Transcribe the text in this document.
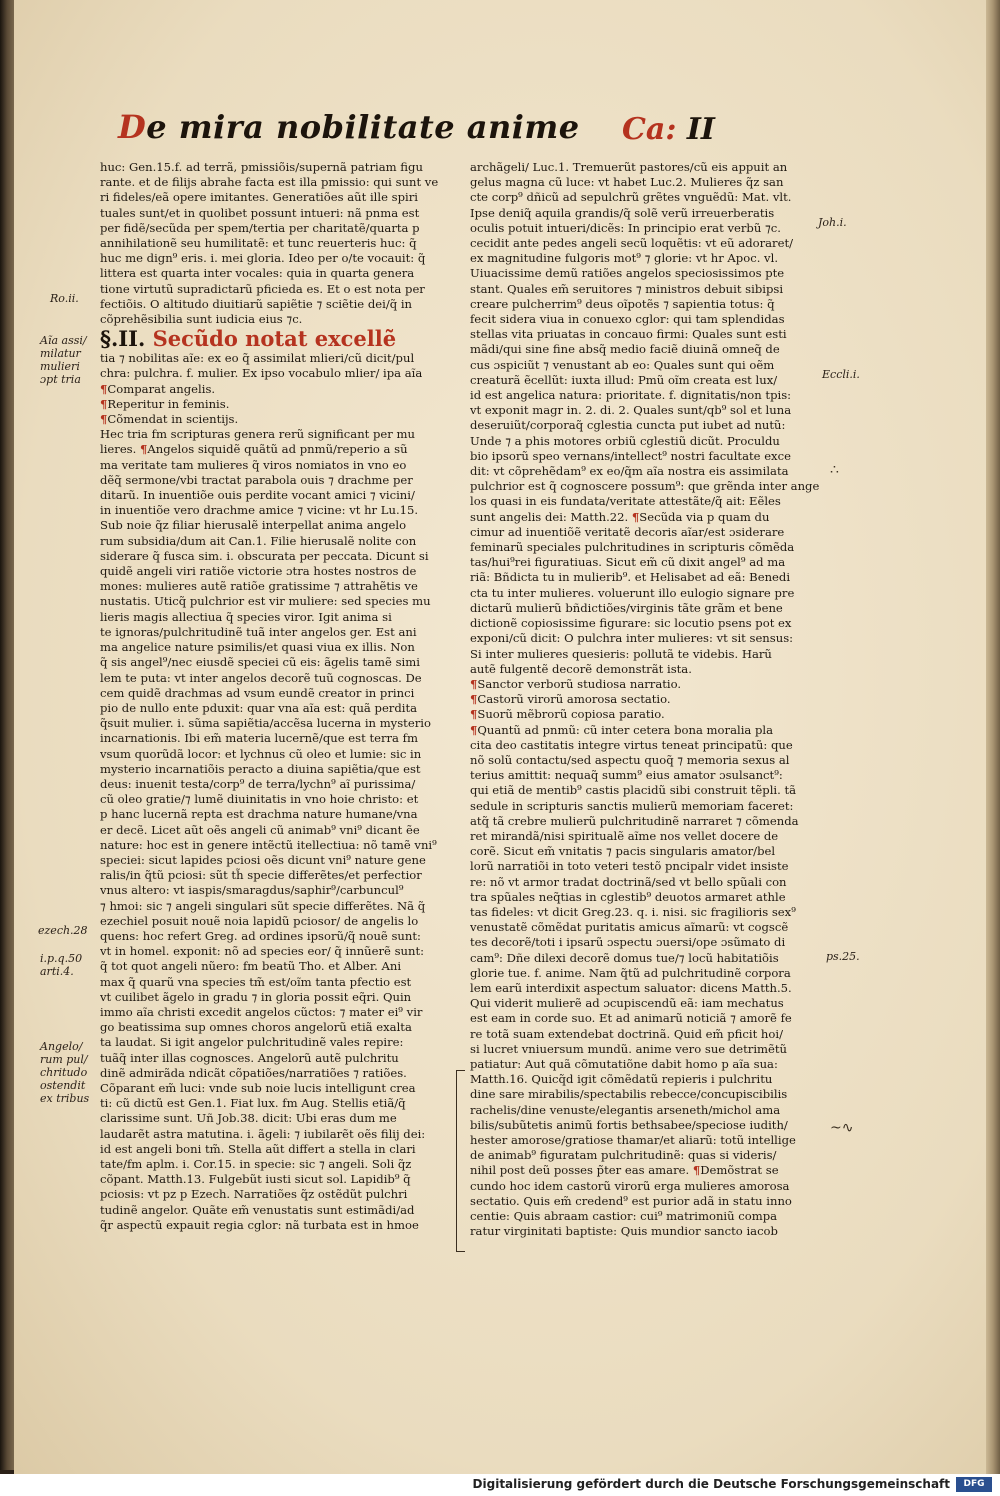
De mira nobilitate anime Ca: II
huc: Gen.15.f. ad terrã, pmissiõis/supernã patriam figu
rante. et de filijs abrahe facta est illa pmissio: qui sunt ve
ri fideles/eã opere imitantes. Generatiões aũt ille spiri
tuales sunt/et in quolibet possunt intueri: nã pnma est
per fidẽ/secũda per spem/tertia per charitatẽ/quarta p
annihilationẽ seu humilitatẽ: et tunc reuerteris huc: q̃
huc me dign⁹ eris. i. mei gloria. Ideo per o/te vocauit: q̃
littera est quarta inter vocales: quia in quarta genera
tione virtutũ supradictarũ pficieda es. Et o est nota per
fectiõis. O altitudo diuitiarũ sapiẽtie ⁊ sciẽtie dei/q̃ in
cõprehẽsibilia sunt iudicia eius ⁊c.
§.II. Secũdo notat excellẽ
tia ⁊ nobilitas aĩe: ex eo q̃ assimilat mlieri/cũ dicit/pul
chra: pulchra. f. mulier. Ex ipso vocabulo mlier/ ipa aĩa
¶Comparat angelis.
¶Reperitur in feminis.
¶Cõmendat in scientijs.
Hec tria fm scripturas genera rerũ significant per mu
lieres. ¶Angelos siquidẽ quãtũ ad pnmũ/reperio a sũ
ma veritate tam mulieres q̃ viros nomiatos in vno eo
dẽq̃ sermone/vbi tractat parabola ouis ⁊ drachme per
ditarũ. In inuentiõe ouis perdite vocant amici ⁊ vicini/
in inuentiõe vero drachme amice ⁊ vicine: vt hr Lu.15.
Sub noie q̃z filiar hierusalẽ interpellat anima angelo
rum subsidia/dum ait Can.1. Filie hierusalẽ nolite con
siderare q̃ fusca sim. i. obscurata per peccata. Dicunt si
quidẽ angeli viri ratiõe victorie ɔtra hostes nostros de
mones: mulieres autẽ ratiõe gratissime ⁊ attrahẽtis ve
nustatis. Uticq̃ pulchrior est vir muliere: sed species mu
lieris magis allectiua q̃ species viror. Igit anima si
te ignoras/pulchritudinẽ tuã inter angelos ger. Est ani
ma angelice nature psimilis/et quasi viua ex illis. Non
q̃ sis angel⁹/nec eiusdẽ speciei cũ eis: ãgelis tamẽ simi
lem te puta: vt inter angelos decorẽ tuũ cognoscas. De
cem quidẽ drachmas ad vsum eundẽ creator in princi
pio de nullo ente pduxit: quar vna aĩa est: quã perdita
q̃suit mulier. i. sũma sapiẽtia/accẽsa lucerna in mysterio
incarnationis. Ibi em̃ materia lucernẽ/que est terra fm
vsum quorũdã locor: et lychnus cũ oleo et lumie: sic in
mysterio incarnatiõis peracto a diuina sapiẽtia/que est
deus: inuenit testa/corp⁹ de terra/lychn⁹ aĩ purissima/
cũ oleo gratie/⁊ lumẽ diuinitatis in vno hoie christo: et
p hanc lucernã repta est drachma nature humane/vna
er decẽ. Licet aũt oẽs angeli cũ animab⁹ vni⁹ dicant ẽe
nature: hoc est in genere intẽctũ itellectiua: nõ tamẽ vni⁹
speciei: sicut lapides pciosi oẽs dicunt vni⁹ nature gene
ralis/in q̃tũ pciosi: sũt th̃ specie differẽtes/et perfectior
vnus altero: vt iaspis/smaragdus/saphir⁹/carbuncul⁹
⁊ hmoi: sic ⁊ angeli singulari sũt specie differẽtes. Nã q̃
ezechiel posuit nouẽ noia lapidũ pciosor/ de angelis lo
quens: hoc refert Greg. ad ordines ipsorũ/q̃ nouẽ sunt:
vt in homel. exponit: nõ ad species eor/ q̃ innũerẽ sunt:
q̃ tot quot angeli nũero: fm beatũ Tho. et Alber. Ani
max q̃ quarũ vna species tm̃ est/oĩm tanta pfectio est
vt cuilibet ãgelo in gradu ⁊ in gloria possit eq̃ri. Quin
immo aĩa christi excedit angelos cũctos: ⁊ mater ei⁹ vir
go beatissima sup omnes choros angelorũ etiã exalta
ta laudat. Si igit angelor pulchritudinẽ vales repire:
tuãq̃ inter illas cognosces. Angelorũ autẽ pulchritu
dinẽ admirãda ndicãt cõpatiões/narratiões ⁊ ratiões.
Cõparant em̃ luci: vnde sub noie lucis intelligunt crea
ti: cũ dictũ est Gen.1. Fiat lux. fm Aug. Stellis etiã/q̃
clarissime sunt. Uñ Job.38. dicit: Ubi eras dum me
laudarẽt astra matutina. i. ãgeli: ⁊ iubilarẽt oẽs filij dei:
id est angeli boni tm̃. Stella aũt differt a stella in clari
tate/fm aplm. i. Cor.15. in specie: sic ⁊ angeli. Soli q̃z
cõpant. Matth.13. Fulgebũt iusti sicut sol. Lapidib⁹ q̃
pciosis: vt pz p Ezech. Narratiões q̃z ostẽdũt pulchri
tudinẽ angelor. Quãte em̃ venustatis sunt estimãdi/ad
q̃r aspectũ expauit regia cglor: nã turbata est in hmoe
archãgeli/ Luc.1. Tremuerũt pastores/cũ eis appuit an
gelus magna cũ luce: vt habet Luc.2. Mulieres q̃z san
cte corp⁹ dñicũ ad sepulchrũ grẽtes vnguẽdũ: Mat. vlt.
Ipse deniq̃ aquila grandis/q̃ solẽ verũ irreuerberatis
oculis potuit intueri/dicẽs: In principio erat verbũ ⁊c.
cecidit ante pedes angeli secũ loquẽtis: vt eũ adoraret/
ex magnitudine fulgoris mot⁹ ⁊ glorie: vt hr Apoc. vl.
Uiuacissime demũ ratiões angelos speciosissimos pte
stant. Quales em̃ seruitores ⁊ ministros debuit sibipsi
creare pulcherrim⁹ deus oĩpotẽs ⁊ sapientia totus: q̃
fecit sidera viua in conuexo cglor: qui tam splendidas
stellas vita priuatas in concauo firmi: Quales sunt esti
mãdi/qui sine fine absq̃ medio faciẽ diuinã omneq̃ de
cus ɔspiciũt ⁊ venustant ab eo: Quales sunt qui oẽm
creaturã ẽcellũt: iuxta illud: Pmũ oĩm creata est lux/
id est angelica natura: prioritate. f. dignitatis/non tpis:
vt exponit magr in. 2. di. 2. Quales sunt/qb⁹ sol et luna
deseruiũt/corporaq̃ cglestia cuncta put iubet ad nutũ:
Unde ⁊ a phis motores orbiũ cglestiũ dicũt. Proculdu
bio ipsorũ speo vernans/intellect⁹ nostri facultate exce
dit: vt cõprehẽdam⁹ ex eo/q̃m aĩa nostra eis assimilata
pulchrior est q̃ cognoscere possum⁹: que grẽnda inter ange
los quasi in eis fundata/veritate attestãte/q̃ ait: Eẽles
sunt angelis dei: Matth.22. ¶Secũda via p quam du
cimur ad inuentiõẽ veritatẽ decoris aĩar/est ɔsiderare
feminarũ speciales pulchritudines in scripturis cõmẽda
tas/hui⁹rei figuratiuas. Sicut em̃ cũ dixit angel⁹ ad ma
riã: Bñdicta tu in mulierib⁹. et Helisabet ad eã: Benedi
cta tu inter mulieres. voluerunt illo eulogio signare pre
dictarũ mulierũ bñdictiões/virginis tãte grãm et bene
dictionẽ copiosissime figurare: sic locutio psens pot ex
exponi/cũ dicit: O pulchra inter mulieres: vt sit sensus:
Si inter mulieres quesieris: pollutã te videbis. Harũ
autẽ fulgentẽ decorẽ demonstrãt ista.
¶Sanctor verborũ studiosa narratio.
¶Castorũ virorũ amorosa sectatio.
¶Suorũ mẽbrorũ copiosa paratio.
¶Quantũ ad pnmũ: cũ inter cetera bona moralia pla
cita deo castitatis integre virtus teneat principatũ: que
nõ solũ contactu/sed aspectu quoq̃ ⁊ memoria sexus al
terius amittit: nequaq̃ summ⁹ eius amator ɔsulsanct⁹:
qui etiã de mentib⁹ castis placidũ sibi construit tẽpli. tã
sedule in scripturis sanctis mulierũ memoriam faceret:
atq̃ tã crebre mulierũ pulchritudinẽ narraret ⁊ cõmenda
ret mirandã/nisi spiritualẽ aĩme nos vellet docere de
corẽ. Sicut em̃ vnitatis ⁊ pacis singularis amator/bel
lorũ narratiõi in toto veteri testõ pncipalr videt insiste
re: nõ vt armor tradat doctrinã/sed vt bello spũali con
tra spũales neq̃tias in cglestib⁹ deuotos armaret athle
tas fideles: vt dicit Greg.23. q. i. nisi. sic fragilioris sex⁹
venustatẽ cõmẽdat puritatis amicus aĩmarũ: vt cogscẽ
tes decorẽ/toti i ipsarũ ɔspectu ɔuersi/ope ɔsũmato di
cam⁹: Dñe dilexi decorẽ domus tue/⁊ locũ habitatiõis
glorie tue. f. anime. Nam q̃tũ ad pulchritudinẽ corpora
lem earũ interdixit aspectum saluator: dicens Matth.5.
Qui viderit mulierẽ ad ɔcupiscendũ eã: iam mechatus
est eam in corde suo. Et ad animarũ noticiã ⁊ amorẽ fe
re totã suam extendebat doctrinã. Quid em̃ pficit hoi/
si lucret vniuersum mundũ. anime vero sue detrimẽtũ
patiatur: Aut quã cõmutatiõne dabit homo p aĩa sua:
Matth.16. Quicq̃d igit cõmẽdatũ repieris i pulchritu
dine sare mirabilis/spectabilis rebecce/concupiscibilis
rachelis/dine venuste/elegantis arseneth/michol ama
bilis/subũtetis animũ fortis bethsabee/speciose iudith/
hester amorose/gratiose thamar/et aliarũ: totũ intellige
de animab⁹ figuratam pulchritudinẽ: quas si videris/
nihil post deũ posses p̃ter eas amare. ¶Demõstrat se
cundo hoc idem castorũ virorũ erga mulieres amorosa
sectatio. Quis em̃ credend⁹ est purior adã in statu inno
centie: Quis abraam castior: cui⁹ matrimoniũ compa
ratur virginitati baptiste: Quis mundior sancto iacob
Ro.ii.
Aĩa assi/ milatur mulieri ɔpt tria
ezech.28
i.p.q.50 arti.4.
Angelo/ rum pul/ chritudo ostendit ex tribus
Joh.i.
Eccli.i.
ps.25.
∴
~∿
Digitalisierung gefördert durch die Deutsche Forschungsgemeinschaft	DFG
